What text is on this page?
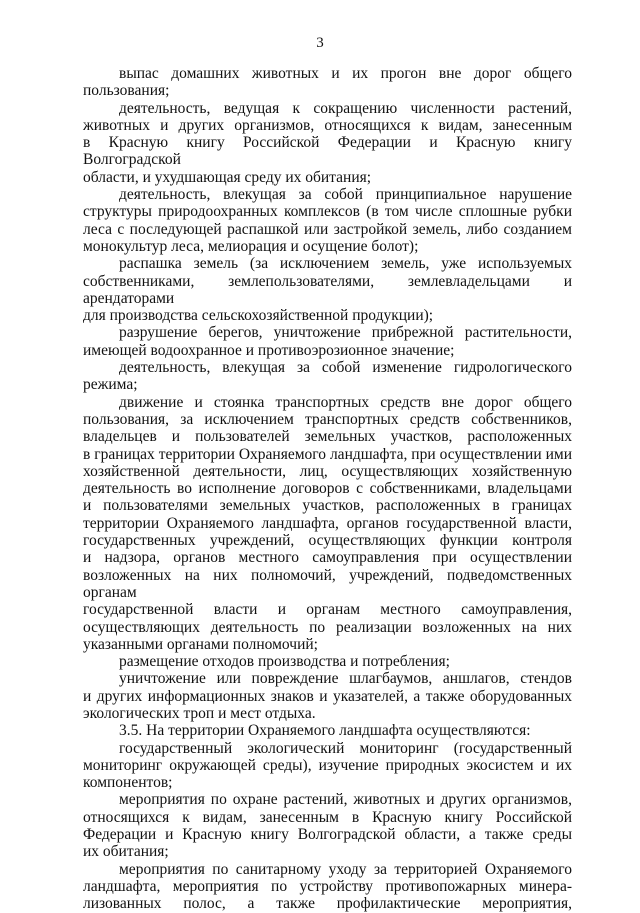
3
выпас домашних животных и их прогон вне дорог общего
пользования;
деятельность, ведущая к сокращению численности растений,
животных и других организмов, относящихся к видам, занесенным
в Красную книгу Российской Федерации и Красную книгу Волгоградской
области, и ухудшающая среду их обитания;
деятельность, влекущая за собой принципиальное нарушение
структуры природоохранных комплексов (в том числе сплошные рубки
леса с последующей распашкой или застройкой земель, либо созданием
монокультур леса, мелиорация и осущение болот);
распашка земель (за исключением земель, уже используемых
собственниками, землепользователями, землевладельцами и арендаторами
для производства сельскохозяйственной продукции);
разрушение берегов, уничтожение прибрежной растительности,
имеющей водоохранное и противоэрозионное значение;
деятельность, влекущая за собой изменение гидрологического
режима;
движение и стоянка транспортных средств вне дорог общего
пользования, за исключением транспортных средств собственников,
владельцев и пользователей земельных участков, расположенных
в границах территории Охраняемого ландшафта, при осуществлении ими
хозяйственной деятельности, лиц, осуществляющих хозяйственную
деятельность во исполнение договоров с собственниками, владельцами
и пользователями земельных участков, расположенных в границах
территории Охраняемого ландшафта, органов государственной власти,
государственных учреждений, осуществляющих функции контроля
и надзора, органов местного самоуправления при осуществлении
возложенных на них полномочий, учреждений, подведомственных органам
государственной власти и органам местного самоуправления,
осуществляющих деятельность по реализации возложенных на них
указанными органами полномочий;
размещение отходов производства и потребления;
уничтожение или повреждение шлагбаумов, аншлагов, стендов
и других информационных знаков и указателей, а также оборудованных
экологических троп и мест отдыха.
3.5. На территории Охраняемого ландшафта осуществляются:
государственный экологический мониторинг (государственный
мониторинг окружающей среды), изучение природных экосистем и их
компонентов;
мероприятия по охране растений, животных и других организмов,
относящихся к видам, занесенным в Красную книгу Российской
Федерации и Красную книгу Волгоградской области, а также среды
их обитания;
мероприятия по санитарному уходу за территорией Охраняемого
ландшафта, мероприятия по устройству противопожарных минера-
лизованных полос, а также профилактические мероприятия,
